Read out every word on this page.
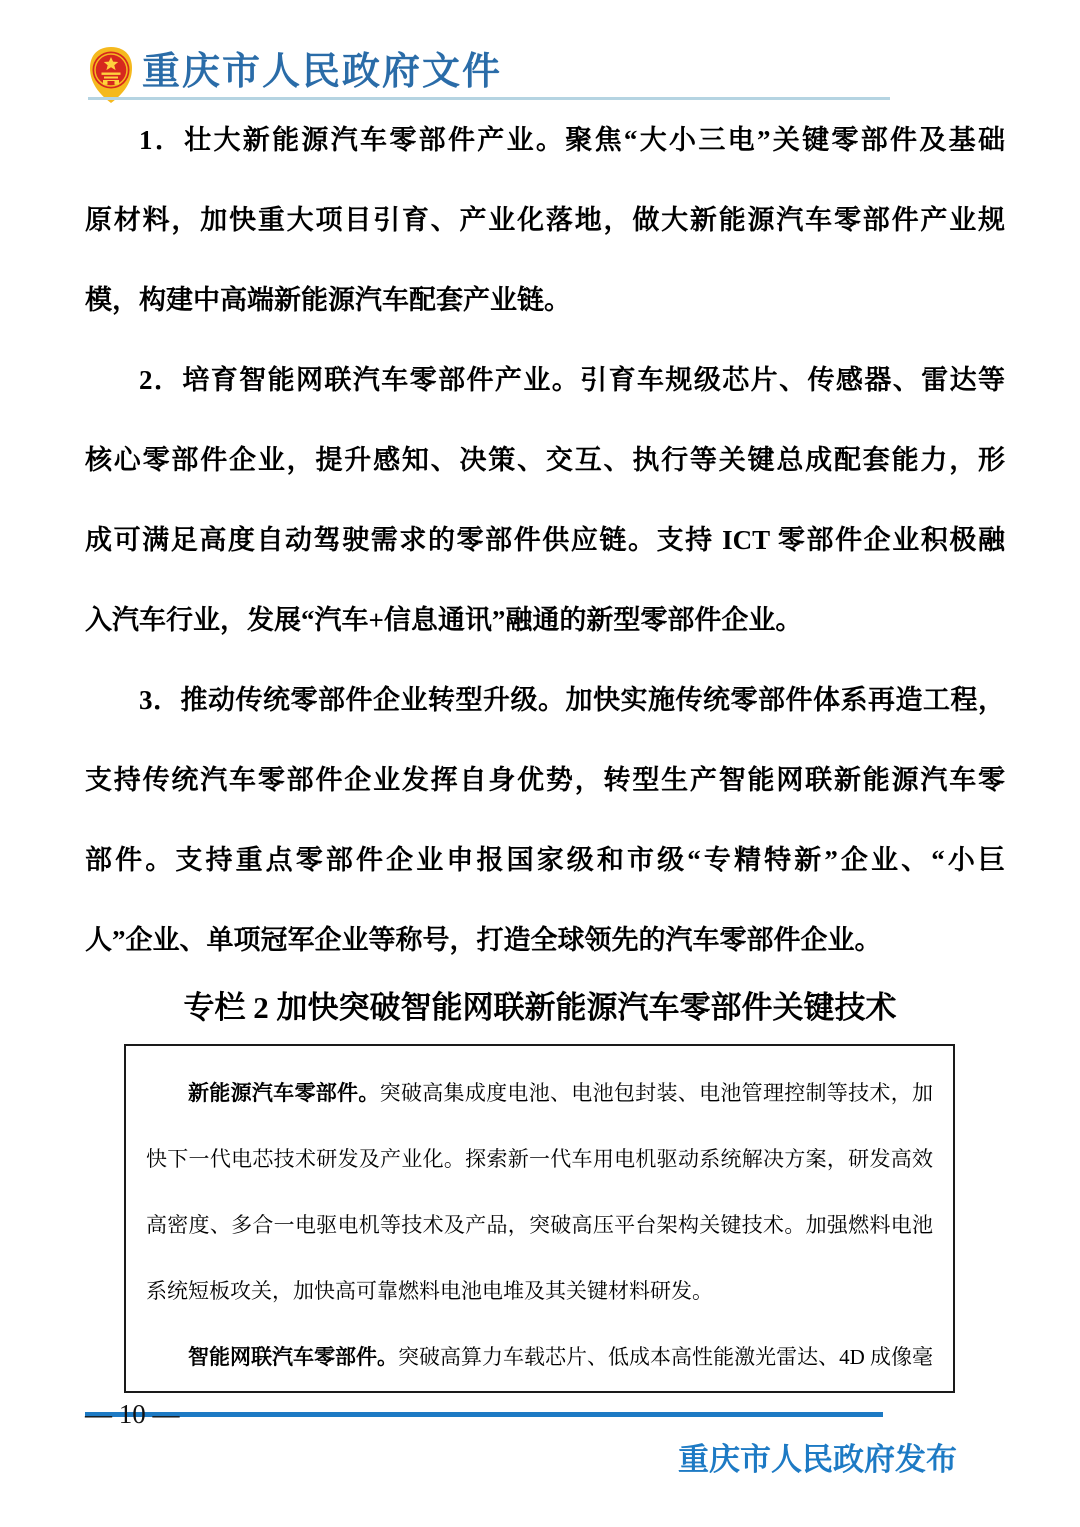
重庆市人民政府文件
1．壮大新能源汽车零部件产业。聚焦“大小三电”关键零部件及基础
原材料，加快重大项目引育、产业化落地，做大新能源汽车零部件产业规
模，构建中高端新能源汽车配套产业链。
2．培育智能网联汽车零部件产业。引育车规级芯片、传感器、雷达等
核心零部件企业，提升感知、决策、交互、执行等关键总成配套能力，形
成可满足高度自动驾驶需求的零部件供应链。支持 ICT 零部件企业积极融
入汽车行业，发展“汽车+信息通讯”融通的新型零部件企业。
3．推动传统零部件企业转型升级。加快实施传统零部件体系再造工程，
支持传统汽车零部件企业发挥自身优势，转型生产智能网联新能源汽车零
部件。支持重点零部件企业申报国家级和市级“专精特新”企业、“小巨
人”企业、单项冠军企业等称号，打造全球领先的汽车零部件企业。
专栏 2 加快突破智能网联新能源汽车零部件关键技术
新能源汽车零部件。突破高集成度电池、电池包封装、电池管理控制等技术，加
快下一代电芯技术研发及产业化。探索新一代车用电机驱动系统解决方案，研发高效
高密度、多合一电驱电机等技术及产品，突破高压平台架构关键技术。加强燃料电池
系统短板攻关，加快高可靠燃料电池电堆及其关键材料研发。
智能网联汽车零部件。突破高算力车载芯片、低成本高性能激光雷达、4D 成像毫
— 10 —
重庆市人民政府发布
